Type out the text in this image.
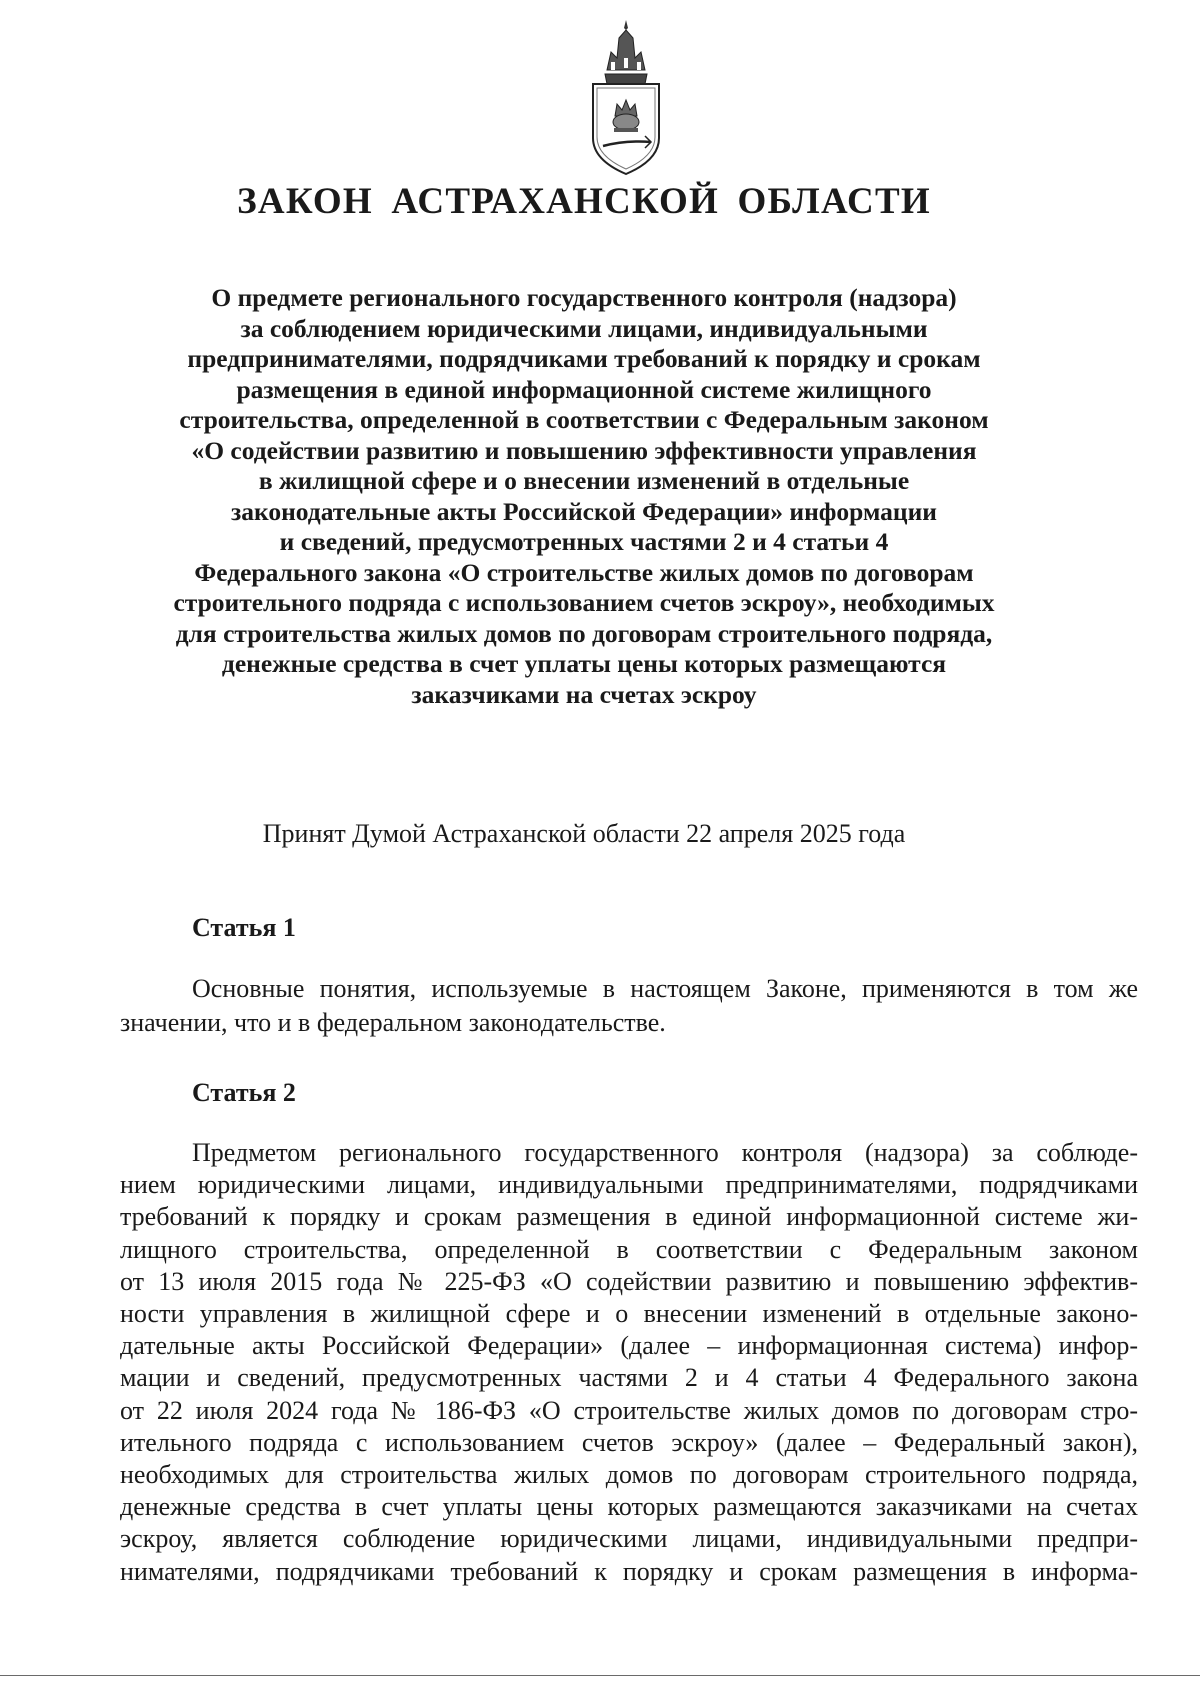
ЗАКОН АСТРАХАНСКОЙ ОБЛАСТИ
О предмете регионального государственного контроля (надзора)
за соблюдением юридическими лицами, индивидуальными
предпринимателями, подрядчиками требований к порядку и срокам
размещения в единой информационной системе жилищного
строительства, определенной в соответствии с Федеральным законом
«О содействии развитию и повышению эффективности управления
в жилищной сфере и о внесении изменений в отдельные
законодательные акты Российской Федерации» информации
и сведений, предусмотренных частями 2 и 4 статьи 4
Федерального закона «О строительстве жилых домов по договорам
строительного подряда с использованием счетов эскроу», необходимых
для строительства жилых домов по договорам строительного подряда,
денежные средства в счет уплаты цены которых размещаются
заказчиками на счетах эскроу

Принят Думой Астраханской области 22 апреля 2025 года

Статья 1

Основные понятия, используемые в настоящем Законе, применяются в том же
значении, что и в федеральном законодательстве.

Статья 2

Предметом регионального государственного контроля (надзора) за соблюде-
нием юридическими лицами, индивидуальными предпринимателями, подрядчиками
требований к порядку и срокам размещения в единой информационной системе жи-
лищного строительства, определенной в соответствии с Федеральным законом
от 13 июля 2015 года № 225-ФЗ «О содействии развитию и повышению эффектив-
ности управления в жилищной сфере и о внесении изменений в отдельные законо-
дательные акты Российской Федерации» (далее – информационная система) инфор-
мации и сведений, предусмотренных частями 2 и 4 статьи 4 Федерального закона
от 22 июля 2024 года № 186-ФЗ «О строительстве жилых домов по договорам стро-
ительного подряда с использованием счетов эскроу» (далее – Федеральный закон),
необходимых для строительства жилых домов по договорам строительного подряда,
денежные средства в счет уплаты цены которых размещаются заказчиками на счетах
эскроу, является соблюдение юридическими лицами, индивидуальными предпри-
нимателями, подрядчиками требований к порядку и срокам размещения в информа-
